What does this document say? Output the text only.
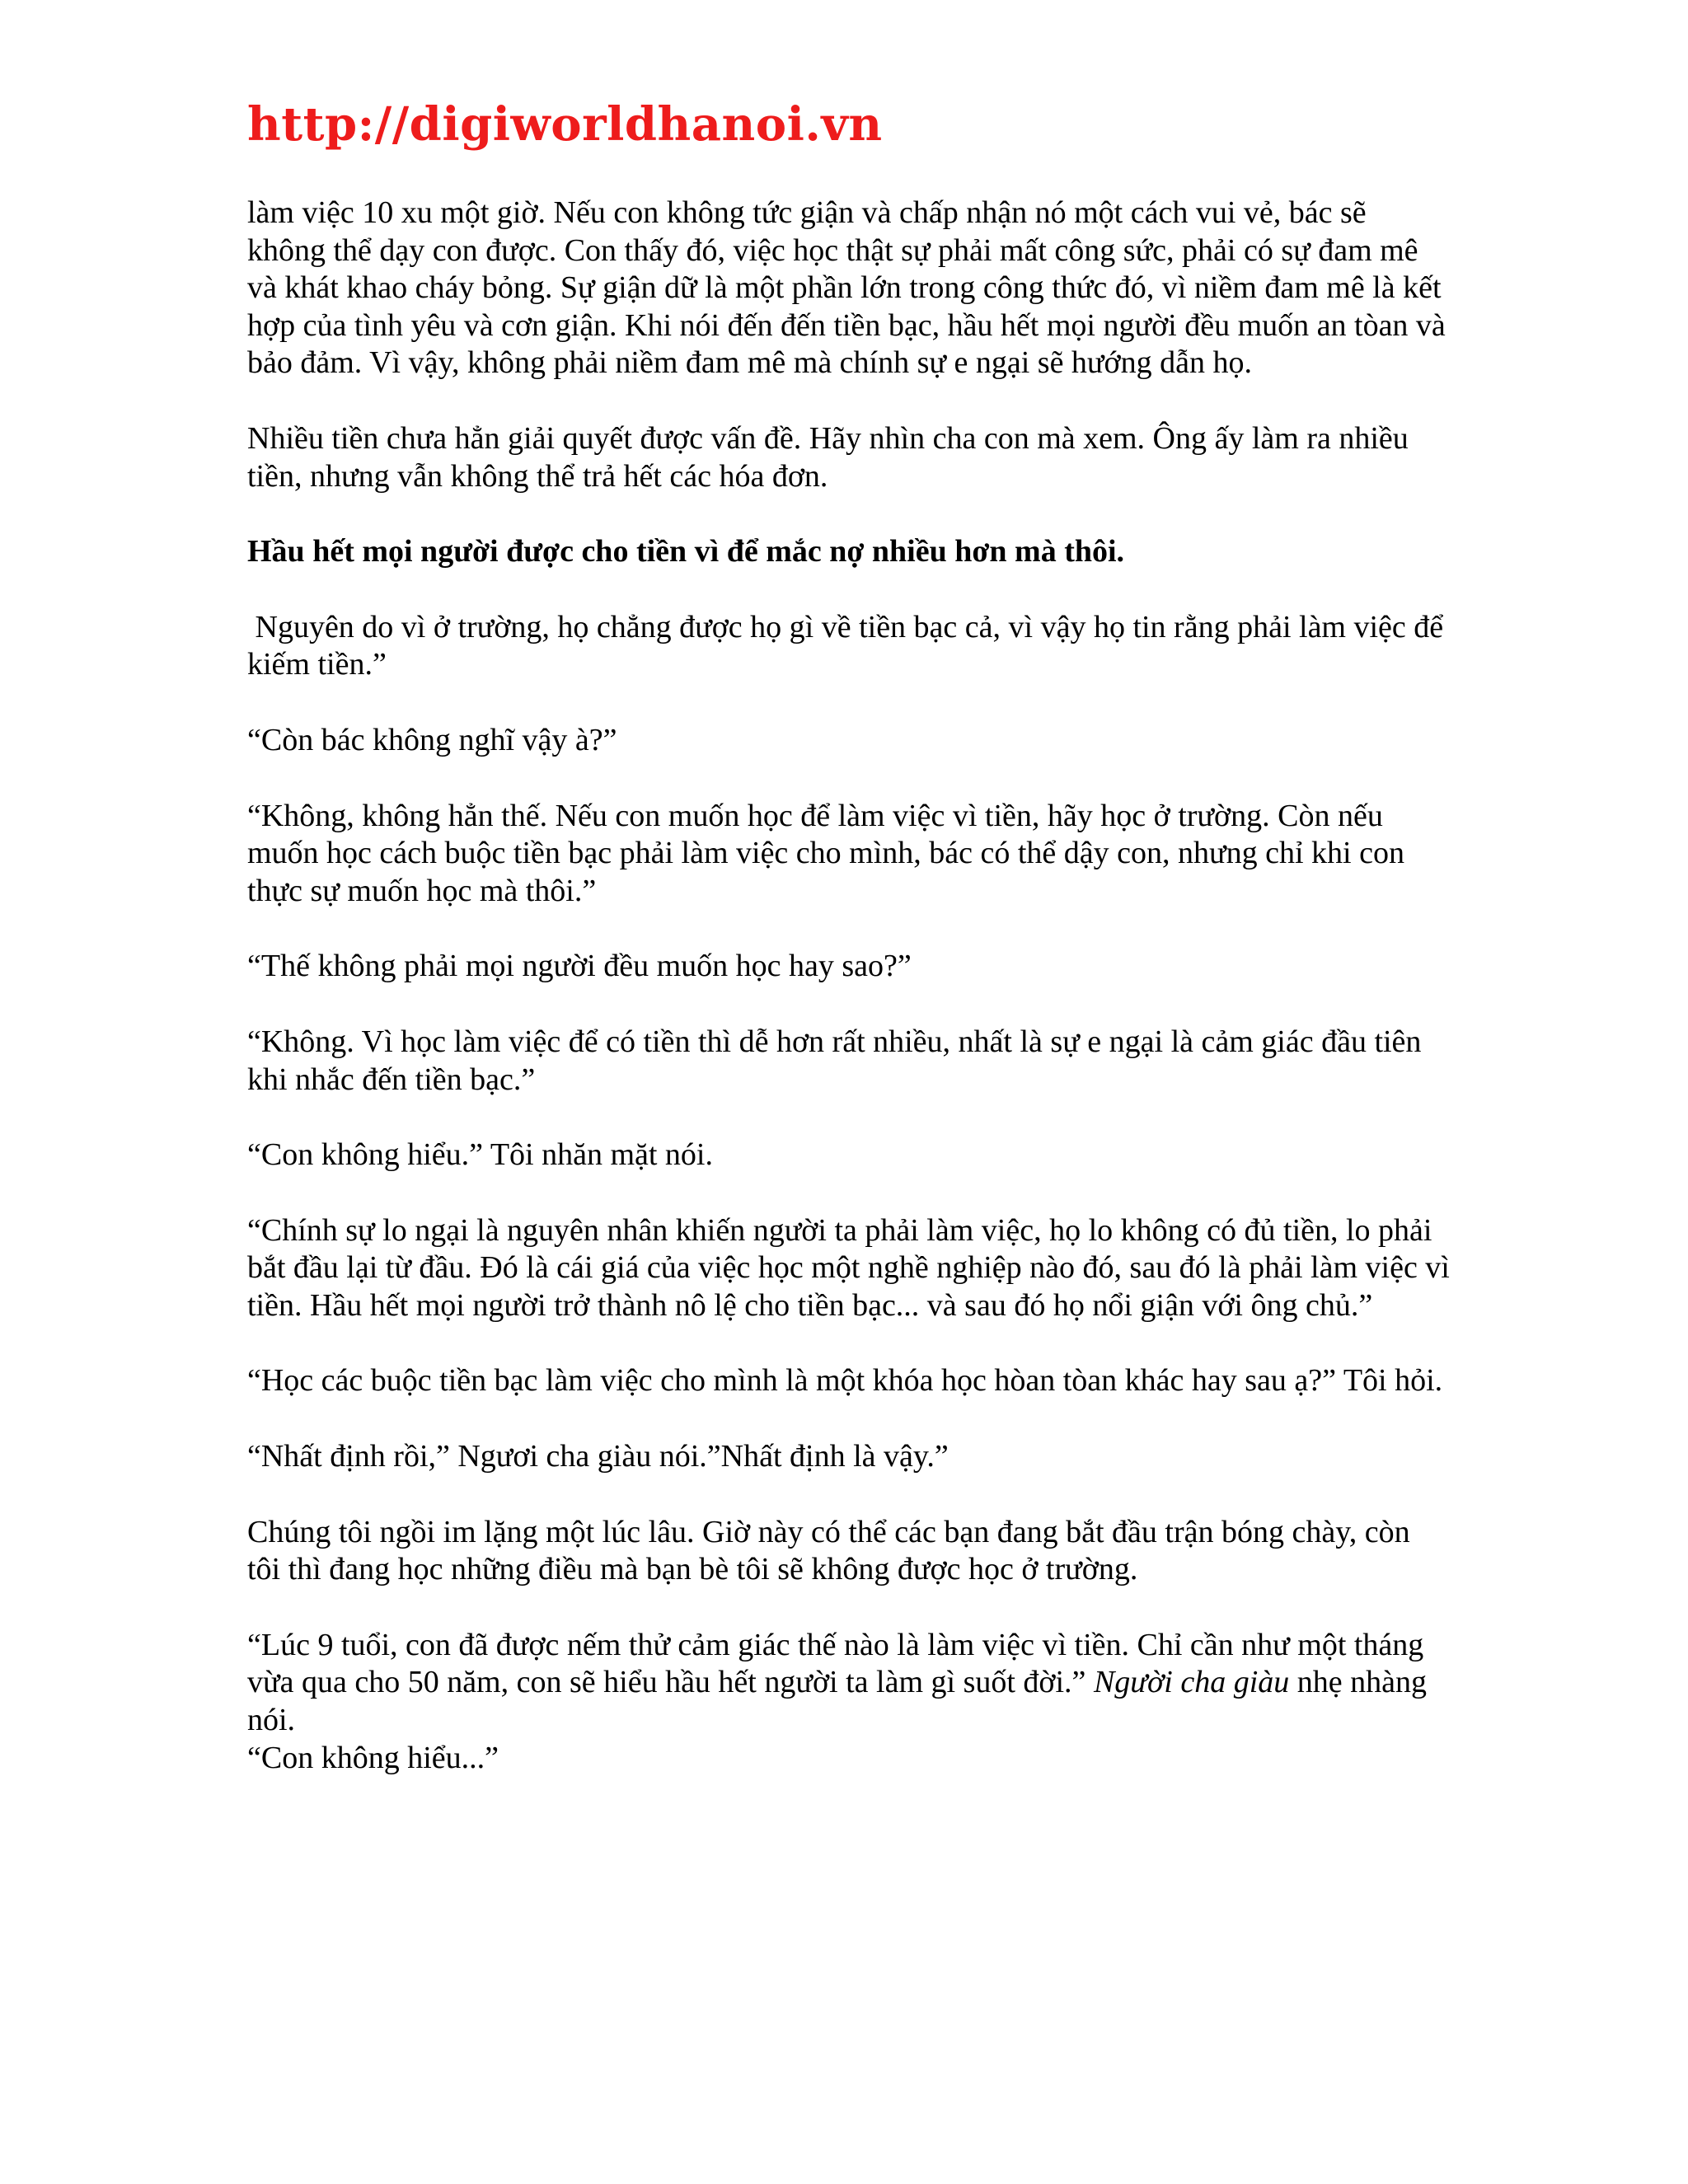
http://digiworldhanoi.vn

làm việc 10 xu một giờ. Nếu con không tức giận và chấp nhận nó một cách vui vẻ, bác sẽ không thể dạy con được. Con thấy đó, việc học thật sự phải mất công sức, phải có sự đam mê và khát khao cháy bỏng. Sự giận dữ là một phần lớn trong công thức đó, vì niềm đam mê là kết hợp của tình yêu và cơn giận. Khi nói đến đến tiền bạc, hầu hết mọi người đều muốn an tòan và bảo đảm. Vì vậy, không phải niềm đam mê mà chính sự e ngại sẽ hướng dẫn họ.

Nhiều tiền chưa hẳn giải quyết được vấn đề. Hãy nhìn cha con mà xem. Ông ấy làm ra nhiều tiền, nhưng vẫn không thể trả hết các hóa đơn.

Hầu hết mọi người được cho tiền vì để mắc nợ nhiều hơn mà thôi.

Nguyên do vì ở trường, họ chẳng được họ gì về tiền bạc cả, vì vậy họ tin rằng phải làm việc để kiếm tiền.”

“Còn bác không nghĩ vậy à?”

“Không, không hẳn thế. Nếu con muốn học để làm việc vì tiền, hãy học ở trường. Còn nếu muốn học cách buộc tiền bạc phải làm việc cho mình, bác có thể dậy con, nhưng chỉ khi con thực sự muốn học mà thôi.”

“Thế không phải mọi người đều muốn học hay sao?”

“Không. Vì học làm việc để có tiền thì dễ hơn rất nhiều, nhất là sự e ngại là cảm giác đầu tiên khi nhắc đến tiền bạc.”

“Con không hiểu.” Tôi nhăn mặt nói.

“Chính sự lo ngại là nguyên nhân khiến người ta phải làm việc, họ lo không có đủ tiền, lo phải bắt đầu lại từ đầu. Đó là cái giá của việc học một nghề nghiệp nào đó, sau đó là phải làm việc vì tiền. Hầu hết mọi người trở thành nô lệ cho tiền bạc... và sau đó họ nổi giận với ông chủ.”

“Học các buộc tiền bạc làm việc cho mình là một khóa học hòan tòan khác hay sau ạ?” Tôi hỏi.

“Nhất định rồi,” Ngươi cha giàu nói.”Nhất định là vậy.”

Chúng tôi ngồi im lặng một lúc lâu. Giờ này có thể các bạn đang bắt đầu trận bóng chày, còn tôi thì đang học những điều mà bạn bè tôi sẽ không được học ở trường.

“Lúc 9 tuổi, con đã được nếm thử cảm giác thế nào là làm việc vì tiền. Chỉ cần như một tháng vừa qua cho 50 năm, con sẽ hiểu hầu hết người ta làm gì suốt đời.” Người cha giàu nhẹ nhàng nói.

“Con không hiểu...”
